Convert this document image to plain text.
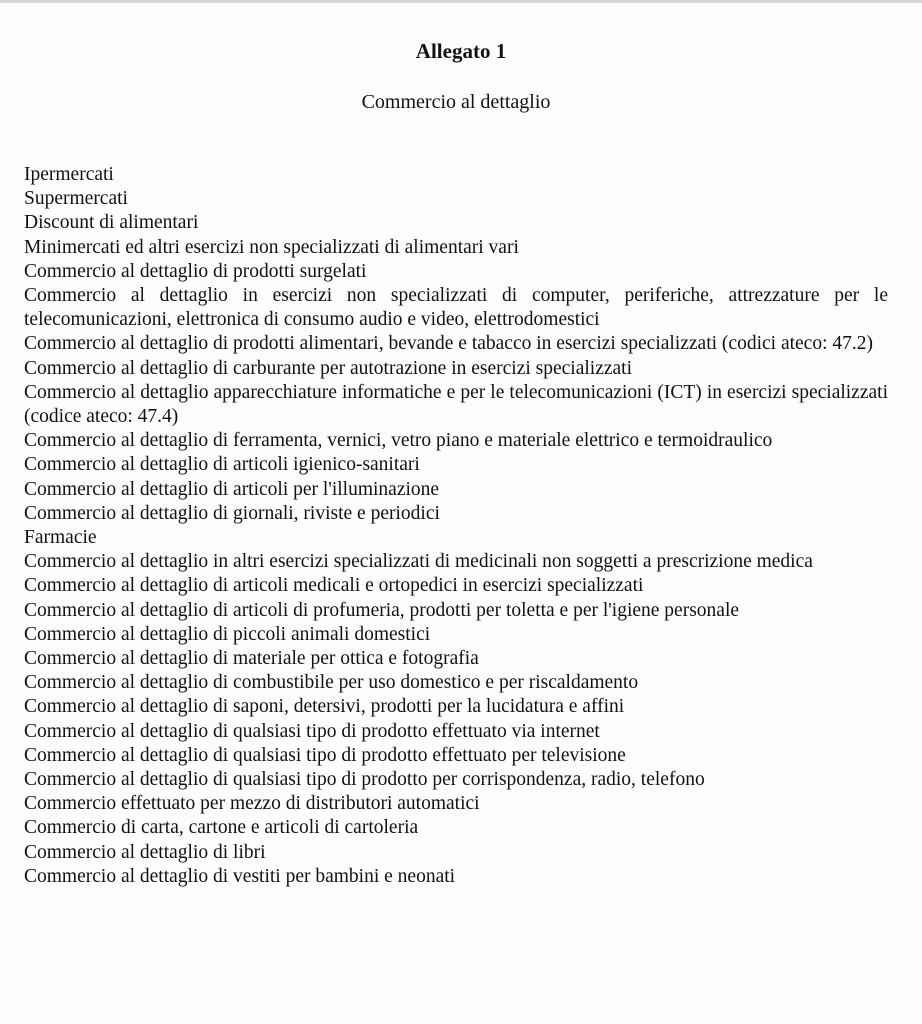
Allegato 1
Commercio al dettaglio
Ipermercati
Supermercati
Discount di alimentari
Minimercati ed altri esercizi non specializzati di alimentari vari
Commercio al dettaglio di prodotti surgelati
Commercio al dettaglio in esercizi non specializzati di computer, periferiche, attrezzature per le telecomunicazioni, elettronica di consumo audio e video, elettrodomestici
Commercio al dettaglio di prodotti alimentari, bevande e tabacco in esercizi specializzati (codici ateco: 47.2)
Commercio al dettaglio di carburante per autotrazione in esercizi specializzati
Commercio al dettaglio apparecchiature informatiche e per le telecomunicazioni (ICT) in esercizi specializzati (codice ateco: 47.4)
Commercio al dettaglio di ferramenta, vernici, vetro piano e materiale elettrico e termoidraulico
Commercio al dettaglio di articoli igienico-sanitari
Commercio al dettaglio di articoli per l'illuminazione
Commercio al dettaglio di giornali, riviste e periodici
Farmacie
Commercio al dettaglio in altri esercizi specializzati di medicinali non soggetti a prescrizione medica
Commercio al dettaglio di articoli medicali e ortopedici in esercizi specializzati
Commercio al dettaglio di articoli di profumeria, prodotti per toletta e per l'igiene personale
Commercio al dettaglio di piccoli animali domestici
Commercio al dettaglio di materiale per ottica e fotografia
Commercio al dettaglio di combustibile per uso domestico e per riscaldamento
Commercio al dettaglio di saponi, detersivi, prodotti per la lucidatura e affini
Commercio al dettaglio di qualsiasi tipo di prodotto effettuato via internet
Commercio al dettaglio di qualsiasi tipo di prodotto effettuato per televisione
Commercio al dettaglio di qualsiasi tipo di prodotto per corrispondenza, radio, telefono
Commercio effettuato per mezzo di distributori automatici
Commercio di carta, cartone e articoli di cartoleria
Commercio al dettaglio di libri
Commercio al dettaglio di vestiti per bambini e neonati
